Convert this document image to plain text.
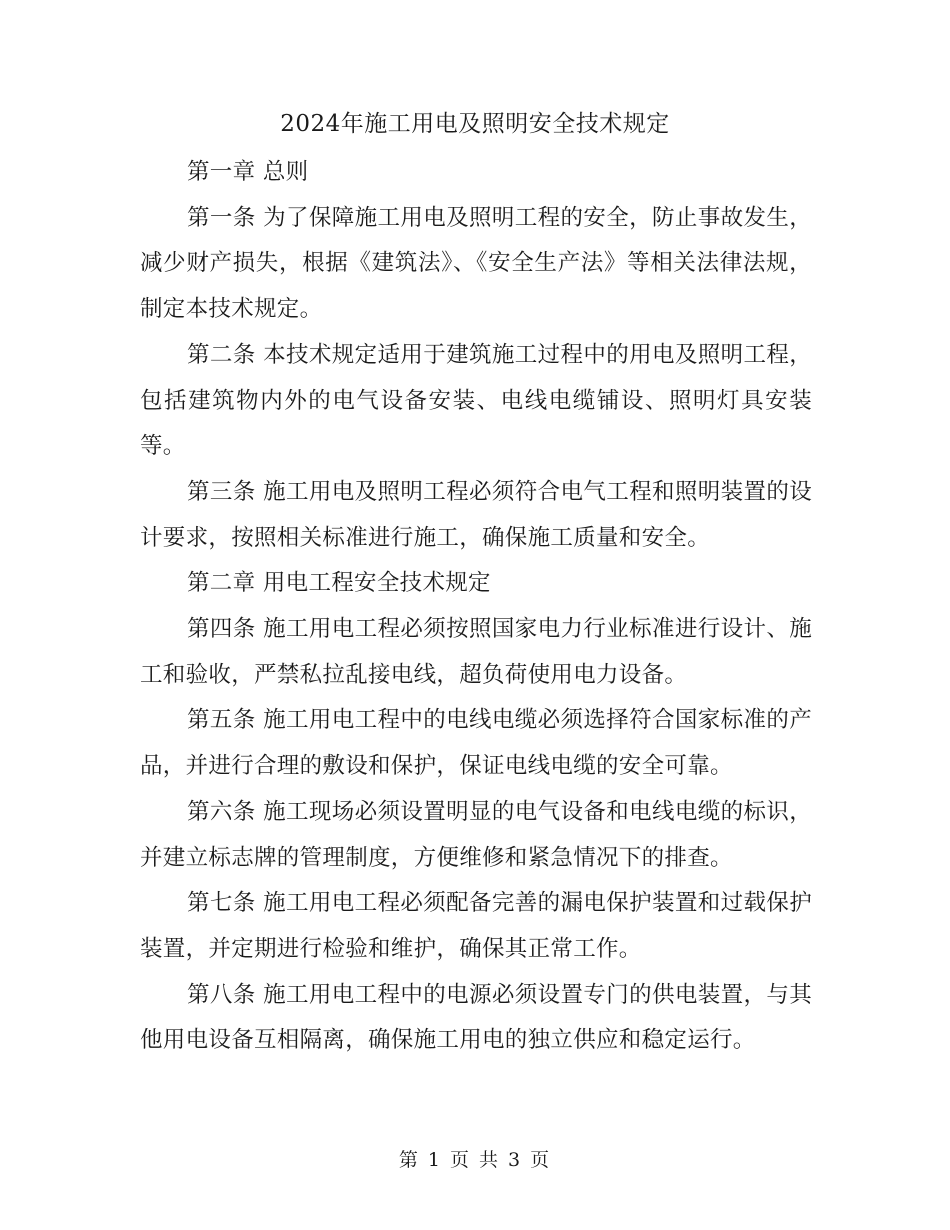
2024年施工用电及照明安全技术规定

第一章 总则

第一条 为了保障施工用电及照明工程的安全，防止事故发生，减少财产损失，根据《建筑法》、《安全生产法》等相关法律法规，制定本技术规定。

第二条 本技术规定适用于建筑施工过程中的用电及照明工程，包括建筑物内外的电气设备安装、电线电缆铺设、照明灯具安装等。

第三条 施工用电及照明工程必须符合电气工程和照明装置的设计要求，按照相关标准进行施工，确保施工质量和安全。

第二章 用电工程安全技术规定

第四条 施工用电工程必须按照国家电力行业标准进行设计、施工和验收，严禁私拉乱接电线，超负荷使用电力设备。

第五条 施工用电工程中的电线电缆必须选择符合国家标准的产品，并进行合理的敷设和保护，保证电线电缆的安全可靠。

第六条 施工现场必须设置明显的电气设备和电线电缆的标识，并建立标志牌的管理制度，方便维修和紧急情况下的排查。

第七条 施工用电工程必须配备完善的漏电保护装置和过载保护装置，并定期进行检验和维护，确保其正常工作。

第八条 施工用电工程中的电源必须设置专门的供电装置，与其他用电设备互相隔离，确保施工用电的独立供应和稳定运行。

第 1 页 共 3 页
